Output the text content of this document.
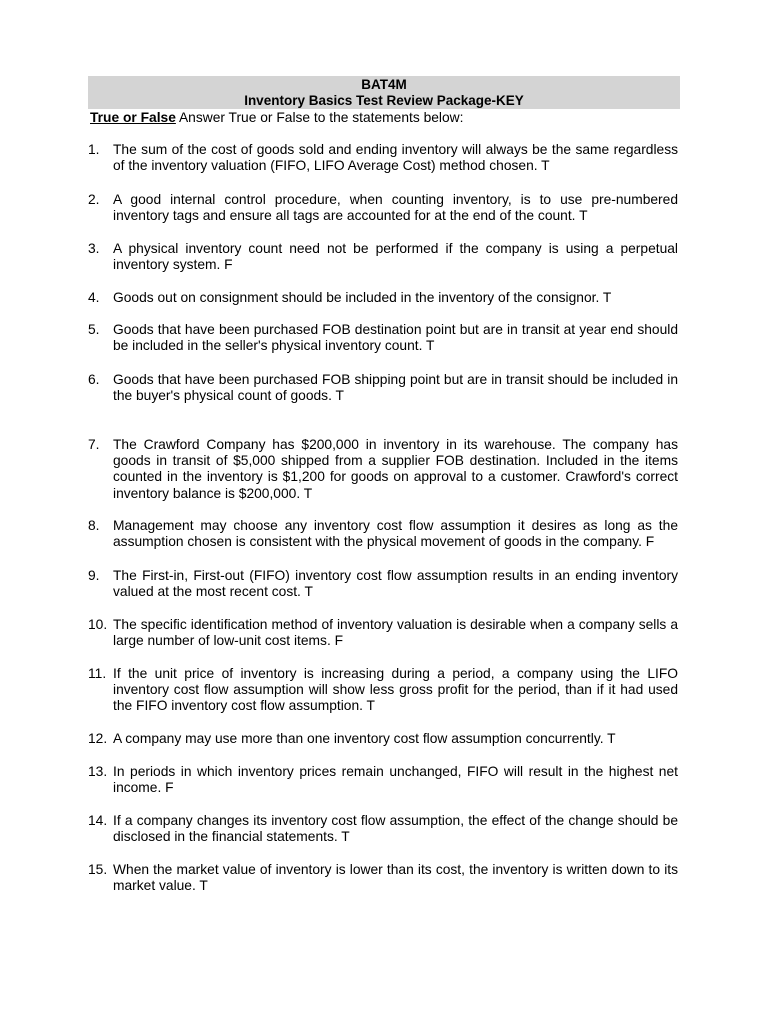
BAT4M
Inventory Basics Test Review Package-KEY
True or False Answer True or False to the statements below:
1. The sum of the cost of goods sold and ending inventory will always be the same regardless of the inventory valuation (FIFO, LIFO Average Cost) method chosen. T
2. A good internal control procedure, when counting inventory, is to use pre-numbered inventory tags and ensure all tags are accounted for at the end of the count. T
3. A physical inventory count need not be performed if the company is using a perpetual inventory system. F
4. Goods out on consignment should be included in the inventory of the consignor. T
5. Goods that have been purchased FOB destination point but are in transit at year end should be included in the seller's physical inventory count. T
6. Goods that have been purchased FOB shipping point but are in transit should be included in the buyer's physical count of goods. T
7. The Crawford Company has $200,000 in inventory in its warehouse. The company has goods in transit of $5,000 shipped from a supplier FOB destination. Included in the items counted in the inventory is $1,200 for goods on approval to a customer. Crawford's correct inventory balance is $200,000. T
8. Management may choose any inventory cost flow assumption it desires as long as the assumption chosen is consistent with the physical movement of goods in the company. F
9. The First-in, First-out (FIFO) inventory cost flow assumption results in an ending inventory valued at the most recent cost. T
10. The specific identification method of inventory valuation is desirable when a company sells a large number of low-unit cost items. F
11. If the unit price of inventory is increasing during a period, a company using the LIFO inventory cost flow assumption will show less gross profit for the period, than if it had used the FIFO inventory cost flow assumption. T
12. A company may use more than one inventory cost flow assumption concurrently. T
13. In periods in which inventory prices remain unchanged, FIFO will result in the highest net income. F
14. If a company changes its inventory cost flow assumption, the effect of the change should be disclosed in the financial statements. T
15. When the market value of inventory is lower than its cost, the inventory is written down to its market value. T
